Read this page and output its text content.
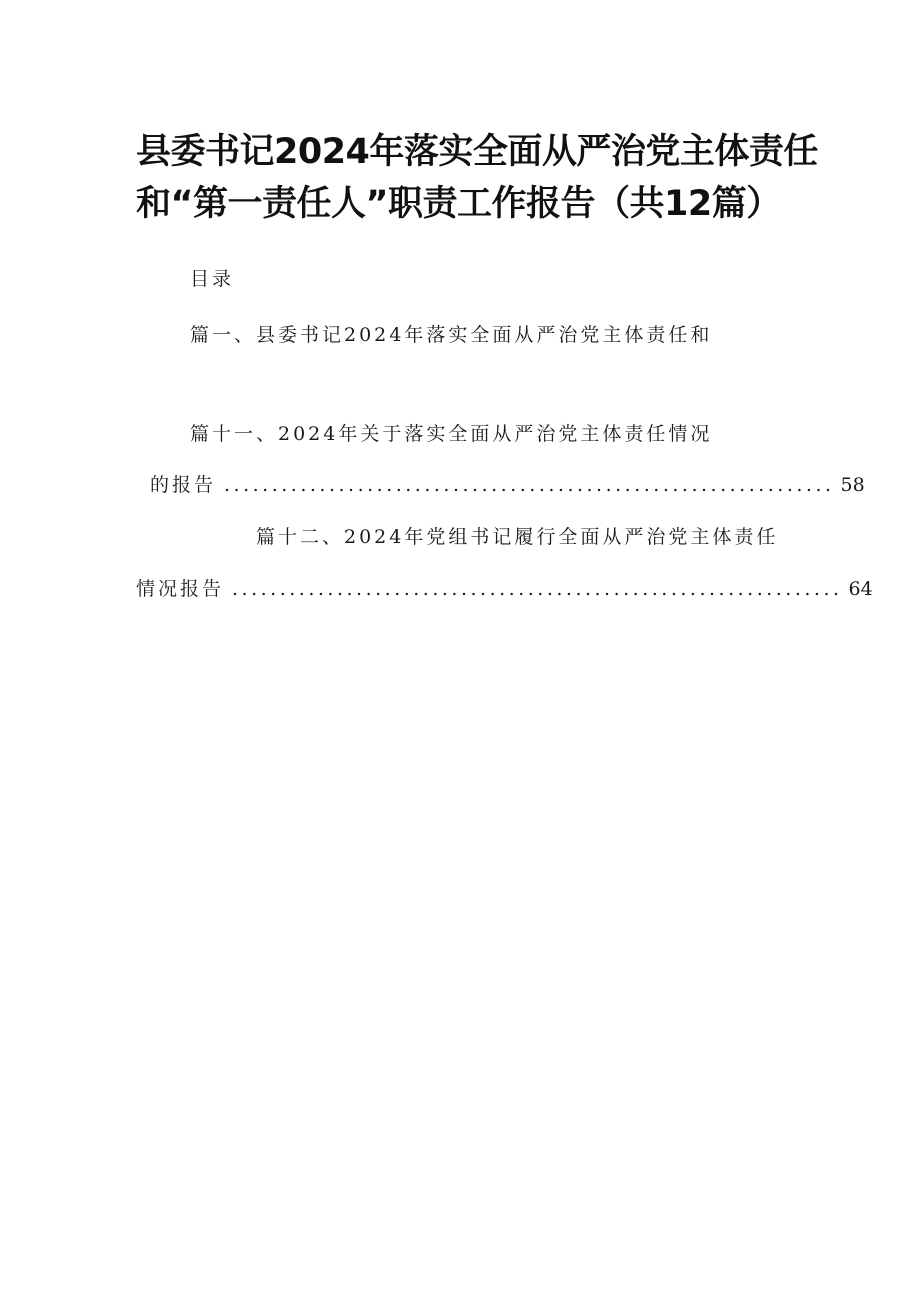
县委书记2024年落实全面从严治党主体责任
和“第一责任人”职责工作报告（共12篇）
目录
篇一、县委书记2024年落实全面从严治党主体责任和
篇十一、2024年关于落实全面从严治党主体责任情况
的报告 ................................................................ 58
篇十二、2024年党组书记履行全面从严治党主体责任
情况报告 ................................................................ 64
